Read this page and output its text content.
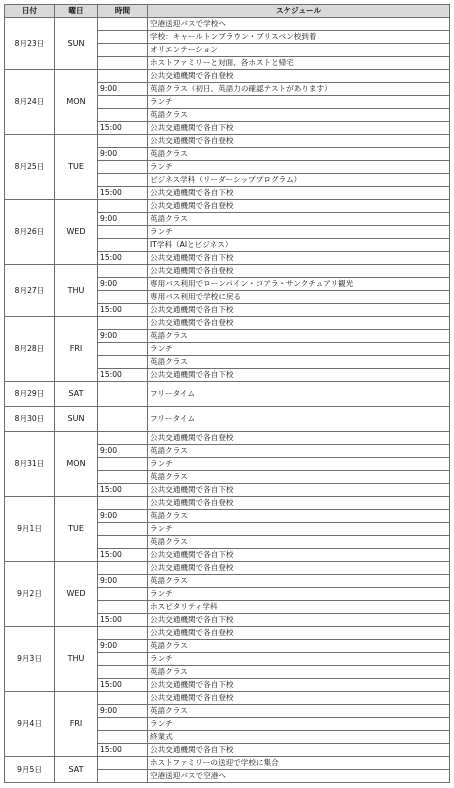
日付	曜日	時間	スケジュール
8月23日	SUN		空港送迎バスで学校へ
			学校：キャールトンブラウン・ブリスベン校到着
			オリエンテーション
			ホストファミリーと対面、各ホストと帰宅
8月24日	MON		公共交通機関で各自登校
		9:00	英語クラス（初日、英語力の確認テストがあります）
			ランチ
			英語クラス
		15:00	公共交通機関で各自下校
8月25日	TUE		公共交通機関で各自登校
		9:00	英語クラス
			ランチ
			ビジネス学科（リーダーシッププログラム）
		15:00	公共交通機関で各自下校
8月26日	WED		公共交通機関で各自登校
		9:00	英語クラス
			ランチ
			IT学科（AIとビジネス）
		15:00	公共交通機関で各自下校
8月27日	THU		公共交通機関で各自登校
		9:00	専用バス利用でローンパイン・コアラ・サンクチュアリ観光
			専用バス利用で学校に戻る
		15:00	公共交通機関で各自下校
8月28日	FRI		公共交通機関で各自登校
		9:00	英語クラス
			ランチ
			英語クラス
		15:00	公共交通機関で各自下校
8月29日	SAT		フリータイム
8月30日	SUN		フリータイム
8月31日	MON		公共交通機関で各自登校
		9:00	英語クラス
			ランチ
			英語クラス
		15:00	公共交通機関で各自下校
9月1日	TUE		公共交通機関で各自登校
		9:00	英語クラス
			ランチ
			英語クラス
		15:00	公共交通機関で各自下校
9月2日	WED		公共交通機関で各自登校
		9:00	英語クラス
			ランチ
			ホスピタリティ学科
		15:00	公共交通機関で各自下校
9月3日	THU		公共交通機関で各自登校
		9:00	英語クラス
			ランチ
			英語クラス
		15:00	公共交通機関で各自下校
9月4日	FRI		公共交通機関で各自登校
		9:00	英語クラス
			ランチ
			終業式
		15:00	公共交通機関で各自下校
9月5日	SAT		ホストファミリーの送迎で学校に集合
			空港送迎バスで空港へ
